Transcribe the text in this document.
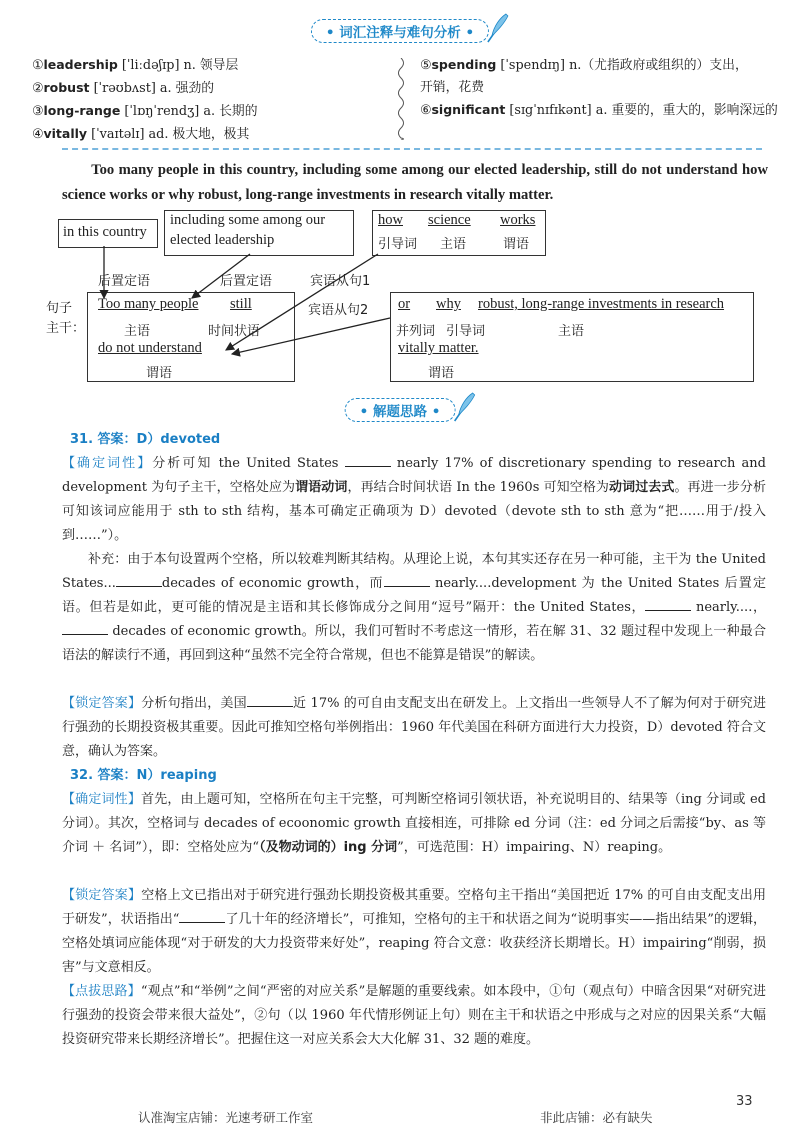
• 词汇注释与难句分析 •
①leadership [ˈliːdəʃɪp] n. 领导层
②robust [ˈrəʊbʌst] a. 强劲的
③long-range [ˈlɒŋˈrendʒ] a. 长期的
④vitally [ˈvaɪtəlɪ] ad. 极大地，极其
⑤spending [ˈspendɪŋ] n.（尤指政府或组织的）支出，
开销，花费
⑥significant [sɪgˈnɪfɪkənt] a. 重要的，重大的，影响深远的
Too many people in this country, including some among our elected leadership, still do not understand how science works or why robust, long-range investments in research vitally matter.
in this country
including some among our
elected leadership
how science works
引导词 主语	谓语
后置定语	后置定语	宾语从句1
宾语从句2
句子
主干：
Too many people still
主语	时间状语
do not understand
谓语
or why robust, long-range investments in research
并列词 引导词	主语
vitally matter.
谓语
• 解题思路 •
31. 答案：D）devoted
【确定词性】分析可知 the United States	nearly 17% of discretionary spending to research and development 为句子主干，空格处应为谓语动词，再结合时间状语 In the 1960s 可知空格为动词过去式。再进一步分析可知该词应能用于 sth to sth 结构，基本可确定正确项为 D）devoted（devote sth to sth 意为“把……用于/投入到……”）。
补充：由于本句设置两个空格，所以较难判断其结构。从理论上说，本句其实还存在另一种可能，主干为 the United States...	decades of economic growth，而	nearly....development 为 the United States 后置定语。但若是如此，更可能的情况是主语和其长修饰成分之间用“逗号”隔开：the United States，	nearly....， decades of economic growth。所以，我们可暂时不考虑这一情形，若在解 31、32 题过程中发现上一种最合语法的解读行不通，再回到这种“虽然不完全符合常规，但也不能算是错误”的解读。
【锁定答案】分析句指出，美国	近 17% 的可自由支配支出在研发上。上文指出一些领导人不了解为何对于研究进行强劲的长期投资极其重要。因此可推知空格句举例指出：1960 年代美国在科研方面进行大力投资，D）devoted 符合文意，确认为答案。
32. 答案：N）reaping
【确定词性】首先，由上题可知，空格所在句主干完整，可判断空格词引领状语，补充说明目的、结果等（ing 分词或 ed 分词）。其次，空格词与 decades of ecoonomic growth 直接相连，可排除 ed 分词（注：ed 分词之后需接“by、as 等介词 ＋ 名词”），即：空格处应为“（及物动词的）ing 分词”，可选范围：H）impairing、N）reaping。
【锁定答案】空格上文已指出对于研究进行强劲长期投资极其重要。空格句主干指出“美国把近 17% 的可自由支配支出用于研发”，状语指出“	了几十年的经济增长”，可推知，空格句的主干和状语之间为“说明事实——指出结果”的逻辑，空格处填词应能体现“对于研发的大力投资带来好处”，reaping 符合文意：收获经济长期增长。H）impairing“削弱，损害”与文意相反。
【点拔思路】“观点”和“举例”之间“严密的对应关系”是解题的重要线索。如本段中，①句（观点句）中暗含因果“对研究进行强劲的投资会带来很大益处”，②句（以 1960 年代情形例证上句）则在主干和状语之中形成与之对应的因果关系“大幅投资研究带来长期经济增长”。把握住这一对应关系会大大化解 31、32 题的难度。
33
认准淘宝店铺：光速考研工作室	非此店铺：必有缺失
